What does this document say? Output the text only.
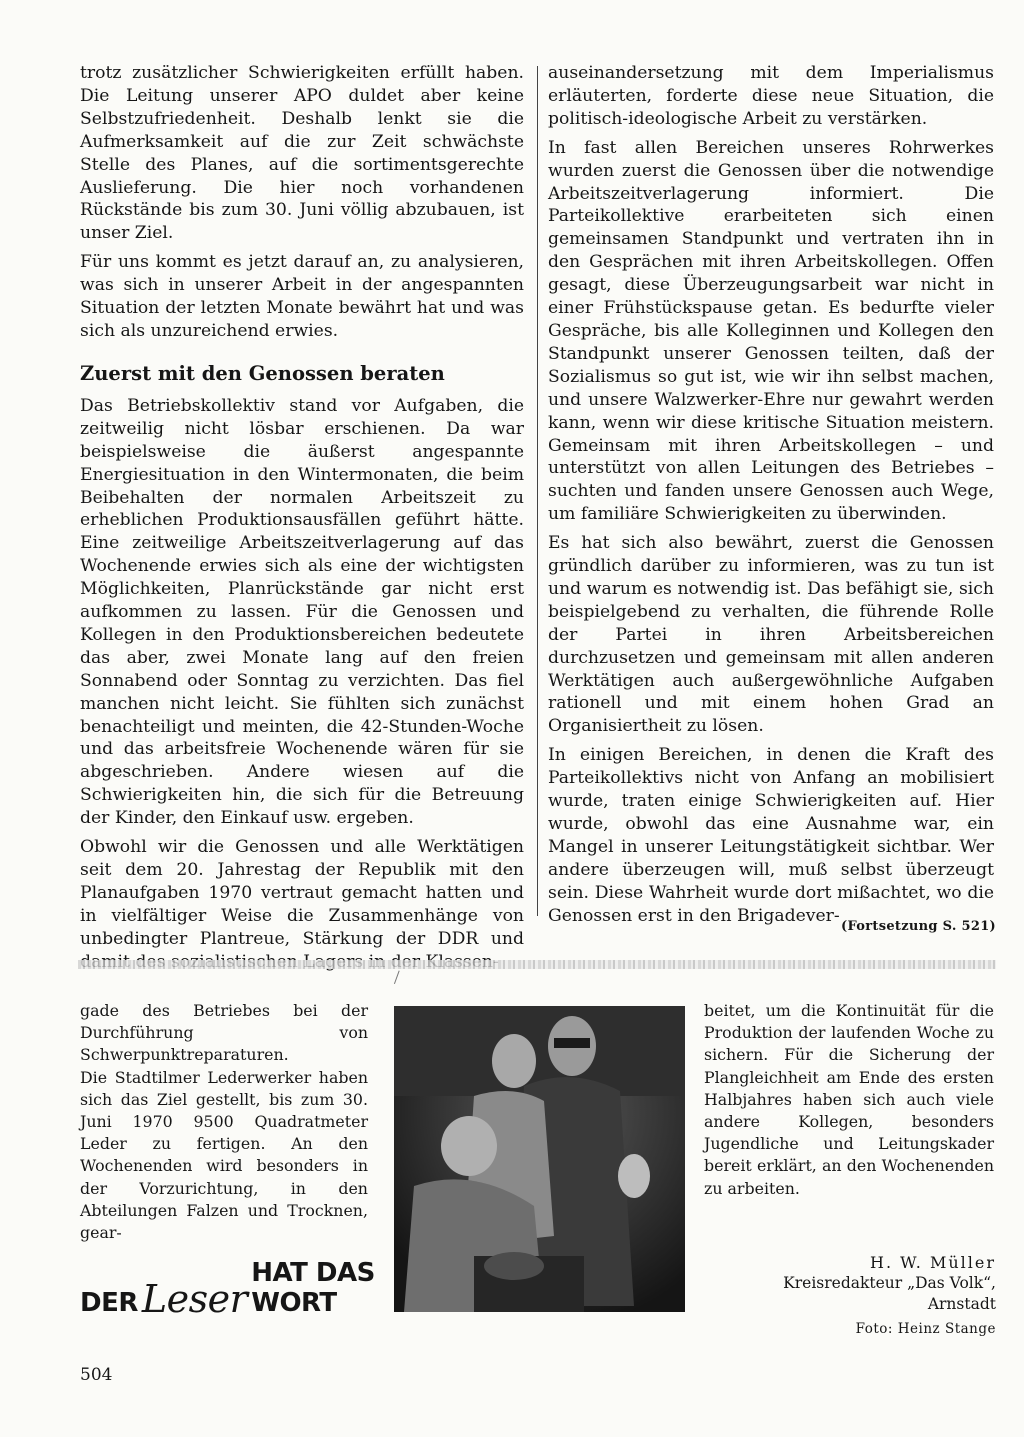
trotz zusätzlicher Schwierigkeiten erfüllt haben. Die Leitung unserer APO duldet aber keine Selbstzufriedenheit. Deshalb lenkt sie die Aufmerksamkeit auf die zur Zeit schwächste Stelle des Planes, auf die sortimentsgerechte Auslieferung. Die hier noch vorhandenen Rückstände bis zum 30. Juni völlig abzubauen, ist unser Ziel.

Für uns kommt es jetzt darauf an, zu analysieren, was sich in unserer Arbeit in der angespannten Situation der letzten Monate bewährt hat und was sich als unzureichend erwies.

Zuerst mit den Genossen beraten

Das Betriebskollektiv stand vor Aufgaben, die zeitweilig nicht lösbar erschienen. Da war beispielsweise die äußerst angespannte Energiesituation in den Wintermonaten, die beim Beibehalten der normalen Arbeitszeit zu erheblichen Produktionsausfällen geführt hätte. Eine zeitweilige Arbeitszeitverlagerung auf das Wochenende erwies sich als eine der wichtigsten Möglichkeiten, Planrückstände gar nicht erst aufkommen zu lassen. Für die Genossen und Kollegen in den Produktionsbereichen bedeutete das aber, zwei Monate lang auf den freien Sonnabend oder Sonntag zu verzichten. Das fiel manchen nicht leicht. Sie fühlten sich zunächst benachteiligt und meinten, die 42-Stunden-Woche und das arbeitsfreie Wochenende wären für sie abgeschrieben. Andere wiesen auf die Schwierigkeiten hin, die sich für die Betreuung der Kinder, den Einkauf usw. ergeben.

Obwohl wir die Genossen und alle Werktätigen seit dem 20. Jahrestag der Republik mit den Planaufgaben 1970 vertraut gemacht hatten und in vielfältiger Weise die Zusammenhänge von unbedingter Plantreue, Stärkung der DDR und

auseinandersetzung mit dem Imperialismus erläuterten, forderte diese neue Situation, die politisch-ideologische Arbeit zu verstärken.

In fast allen Bereichen unseres Rohrwerkes wurden zuerst die Genossen über die notwendige Arbeitszeitverlagerung informiert. Die Parteikollektive erarbeiteten sich einen gemeinsamen Standpunkt und vertraten ihn in den Gesprächen mit ihren Arbeitskollegen. Offen gesagt, diese Überzeugungsarbeit war nicht in einer Frühstückspause getan. Es bedurfte vieler Gespräche, bis alle Kolleginnen und Kollegen den Standpunkt unserer Genossen teilten, daß der Sozialismus so gut ist, wie wir ihn selbst machen, und unsere Walzwerker-Ehre nur gewahrt werden kann, wenn wir diese kritische Situation meistern. Gemeinsam mit ihren Arbeitskollegen – und unterstützt von allen Leitungen des Betriebes – suchten und fanden unsere Genossen auch Wege, um familiäre Schwierigkeiten zu überwinden.

Es hat sich also bewährt, zuerst die Genossen gründlich darüber zu informieren, was zu tun ist und warum es notwendig ist. Das befähigt sie, sich beispielgebend zu verhalten, die führende Rolle der Partei in ihren Arbeitsbereichen durchzusetzen und gemeinsam mit allen anderen Werktätigen auch außergewöhnliche Aufgaben rationell und mit einem hohen Grad an Organisiertheit zu lösen.

In einigen Bereichen, in denen die Kraft des Parteikollektivs nicht von Anfang an mobilisiert wurde, traten einige Schwierigkeiten auf. Hier wurde, obwohl das eine Ausnahme war, ein Mangel in unserer Leitungstätigkeit sichtbar. Wer andere überzeugen will, muß selbst überzeugt sein. Diese Wahrheit wurde dort mißachtet, wo die Genossen erst in den Brigadever-

(Fortsetzung S. 521)

gade des Betriebes bei der Durchführung von Schwerpunktreparaturen.

Die Stadtilmer Lederwerker haben sich das Ziel gestellt, bis zum 30. Juni 1970 9500 Quadratmeter Leder zu fertigen. An den Wochenenden wird besonders in der Vorzurichtung, in den Abteilungen Falzen und Trocknen, gear-

beitet, um die Kontinuität für die Produktion der laufenden Woche zu sichern. Für die Sicherung der Plangleichheit am Ende des ersten Halbjahres haben sich auch viele andere Kollegen, besonders Jugendliche und Leitungskader bereit erklärt, an den Wochenenden zu arbeiten.

H. W. Müller
Kreisredakteur „Das Volk“,
Arnstadt
Foto: Heinz Stange
DER Leser
HAT DAS WORT
504
